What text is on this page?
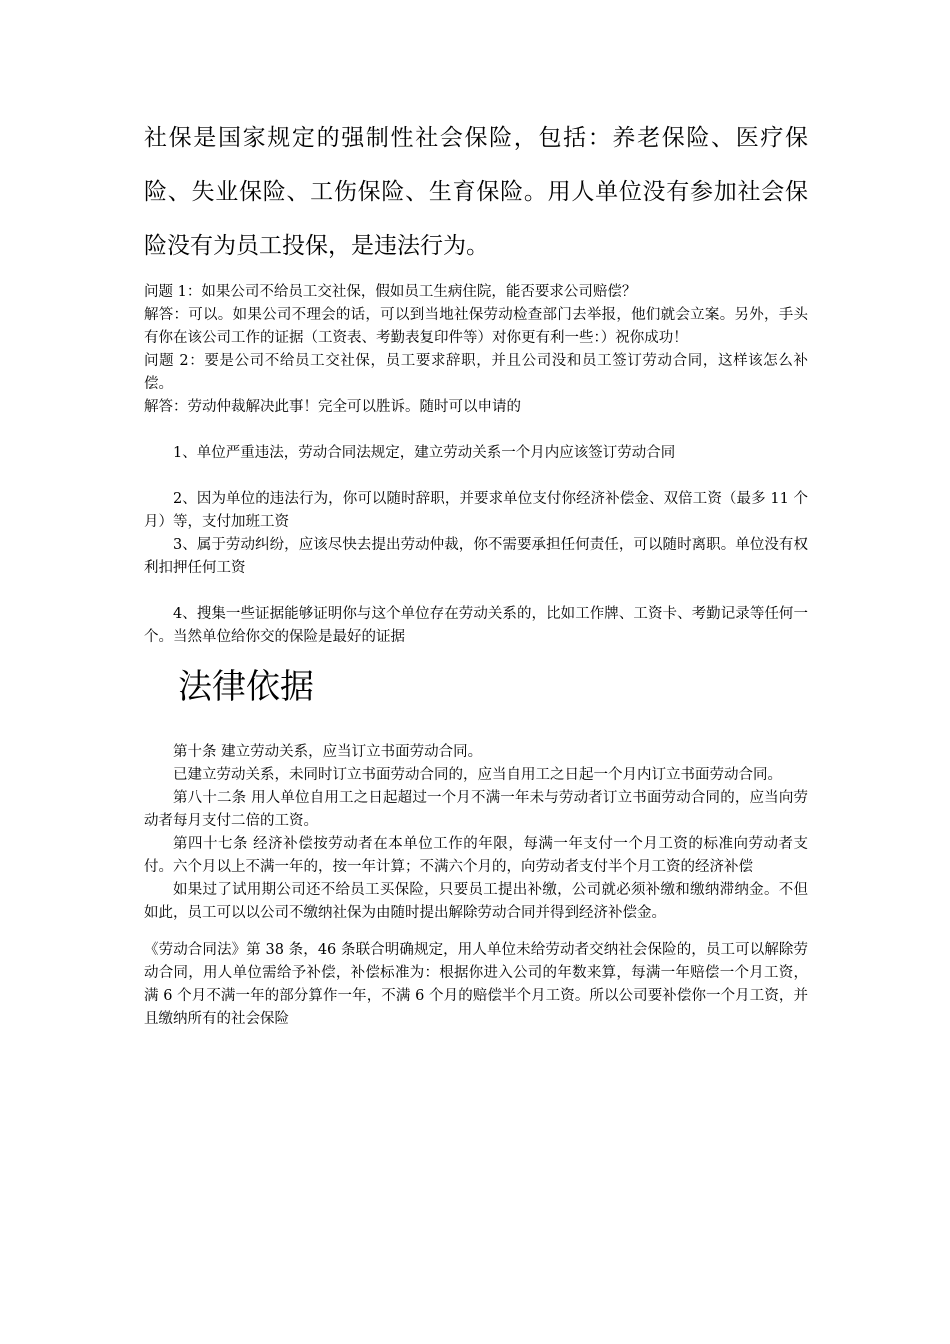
社保是国家规定的强制性社会保险，包括：养老保险、医疗保险、失业保险、工伤保险、生育保险。用人单位没有参加社会保险没有为员工投保，是违法行为。

问题 1：如果公司不给员工交社保，假如员工生病住院，能否要求公司赔偿？

解答：可以。如果公司不理会的话，可以到当地社保劳动检查部门去举报，他们就会立案。另外，手头有你在该公司工作的证据（工资表、考勤表复印件等）对你更有利一些：）祝你成功！

问题 2：要是公司不给员工交社保，员工要求辞职，并且公司没和员工签订劳动合同，这样该怎么补偿。

解答：劳动仲裁解决此事！完全可以胜诉。随时可以申请的

1、单位严重违法，劳动合同法规定，建立劳动关系一个月内应该签订劳动合同

2、因为单位的违法行为，你可以随时辞职，并要求单位支付你经济补偿金、双倍工资（最多 11 个月）等，支付加班工资

3、属于劳动纠纷，应该尽快去提出劳动仲裁，你不需要承担任何责任，可以随时离职。单位没有权利扣押任何工资

4、搜集一些证据能够证明你与这个单位存在劳动关系的，比如工作牌、工资卡、考勤记录等任何一个。当然单位给你交的保险是最好的证据

法律依据

第十条 建立劳动关系，应当订立书面劳动合同。

已建立劳动关系，未同时订立书面劳动合同的，应当自用工之日起一个月内订立书面劳动合同。

第八十二条 用人单位自用工之日起超过一个月不满一年未与劳动者订立书面劳动合同的，应当向劳动者每月支付二倍的工资。

第四十七条 经济补偿按劳动者在本单位工作的年限，每满一年支付一个月工资的标准向劳动者支付。六个月以上不满一年的，按一年计算；不满六个月的，向劳动者支付半个月工资的经济补偿

如果过了试用期公司还不给员工买保险，只要员工提出补缴，公司就必须补缴和缴纳滞纳金。不但如此，员工可以以公司不缴纳社保为由随时提出解除劳动合同并得到经济补偿金。

《劳动合同法》第 38 条，46 条联合明确规定，用人单位未给劳动者交纳社会保险的，员工可以解除劳动合同，用人单位需给予补偿，补偿标准为：根据你进入公司的年数来算，每满一年赔偿一个月工资，满 6 个月不满一年的部分算作一年，不满 6 个月的赔偿半个月工资。所以公司要补偿你一个月工资，并且缴纳所有的社会保险
